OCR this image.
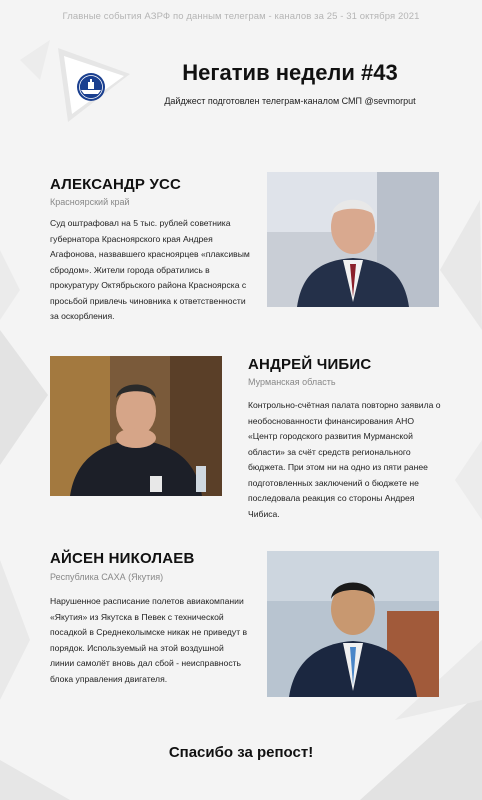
Главные события АЗРФ по данным телеграм - каналов за 25 - 31 октября 2021
Негатив недели #43
Дайджест подготовлен телеграм-каналом СМП @sevmorput
АЛЕКСАНДР УСС
Красноярский край
Суд оштрафовал на 5 тыс. рублей советника губернатора Красноярского края Андрея Агафонова, назвавшего красноярцев «плаксивым сбродом». Жители города обратились в прокуратуру Октябрьского района Красноярска с просьбой привлечь чиновника к ответственности за оскорбления.
АНДРЕЙ ЧИБИС
Мурманская область
Контрольно-счётная палата повторно заявила о необоснованности финансирования АНО «Центр городского развития Мурманской области» за счёт средств регионального бюджета. При этом ни на одно из пяти ранее подготовленных заключений о бюджете не последовала реакция со стороны Андрея Чибиса.
АЙСЕН НИКОЛАЕВ
Республика САХА (Якутия)
Нарушенное расписание полетов авиакомпании «Якутия» из Якутска в Певек с технической посадкой в Среднеколымске никак не приведут в порядок. Используемый на этой воздушной линии самолёт вновь дал сбой - неисправность блока управления двигателя.
Спасибо за репост!
